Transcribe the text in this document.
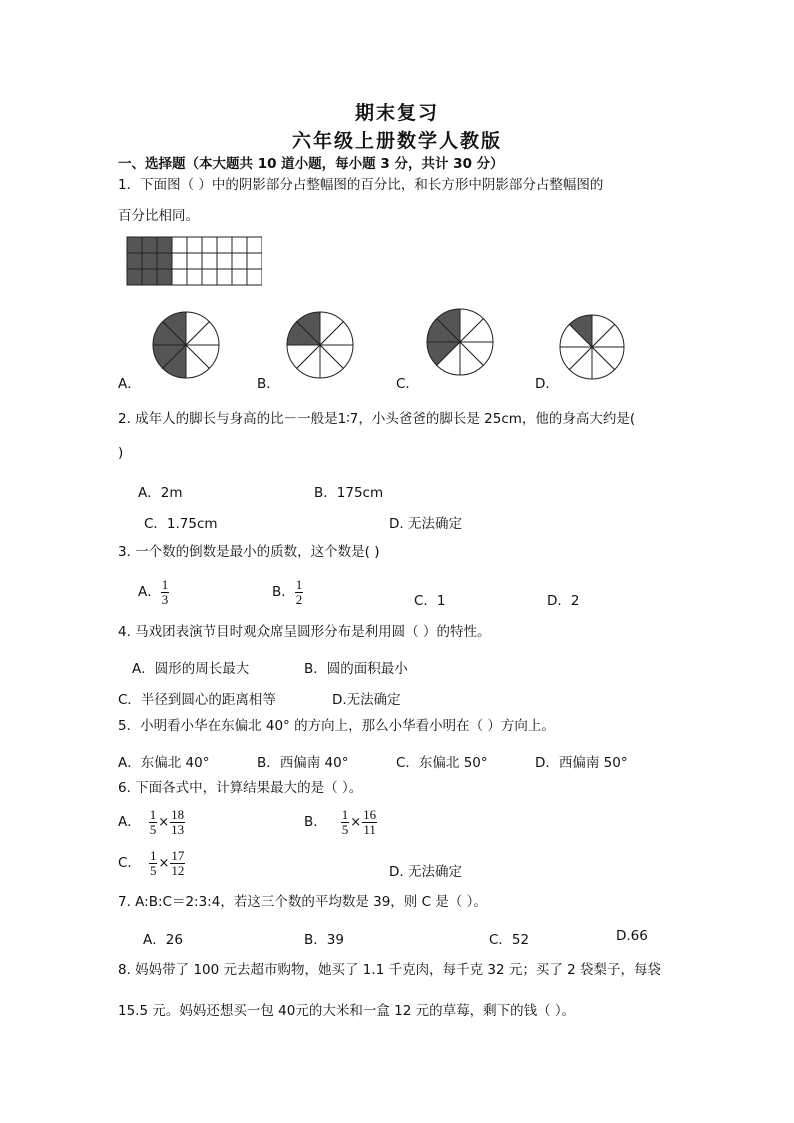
期末复习
六年级上册数学人教版
一、选择题（本大题共 10 道小题，每小题 3 分，共计 30 分）
1．下面图（ ）中的阴影部分占整幅图的百分比，和长方形中阴影部分占整幅图的
百分比相同。
A．	B．	C．	D．
2. 成年人的脚长与身高的比－一般是1∶7，小头爸爸的脚长是 25cm，他的身高大约是(
)
A．2m	B．175cm
C．1.75cm	D. 无法确定
3. 一个数的倒数是最小的质数，这个数是( )
A． $\frac{1}{3}$	B． $\frac{1}{2}$	C．1	D．2
4. 马戏团表演节目时观众席呈圆形分布是利用圆（ ）的特性。
A．圆形的周长最大	B．圆的面积最小
C．半径到圆心的距离相等	D.无法确定
5．小明看小华在东偏北 40° 的方向上，那么小华看小明在（ ）方向上。
A．东偏北 40°	B．西偏南 40°	C．东偏北 50°	D．西偏南 50°
6. 下面各式中，计算结果最大的是（ ）。
A． $\frac{1}{5} \times \frac{18}{13}$	B． $\frac{1}{5} \times \frac{16}{11}$
C． $\frac{1}{5} \times \frac{17}{12}$	D. 无法确定
7. A:B:C＝2:3:4，若这三个数的平均数是 39，则 C 是（ ）。
A．26	B．39	C．52	D.66
8. 妈妈带了 100 元去超市购物，她买了 1.1 千克肉，每千克 32 元；买了 2 袋梨子，每袋
15.5 元。妈妈还想买一包 40元的大米和一盒 12 元的草莓，剩下的钱（ ）。
